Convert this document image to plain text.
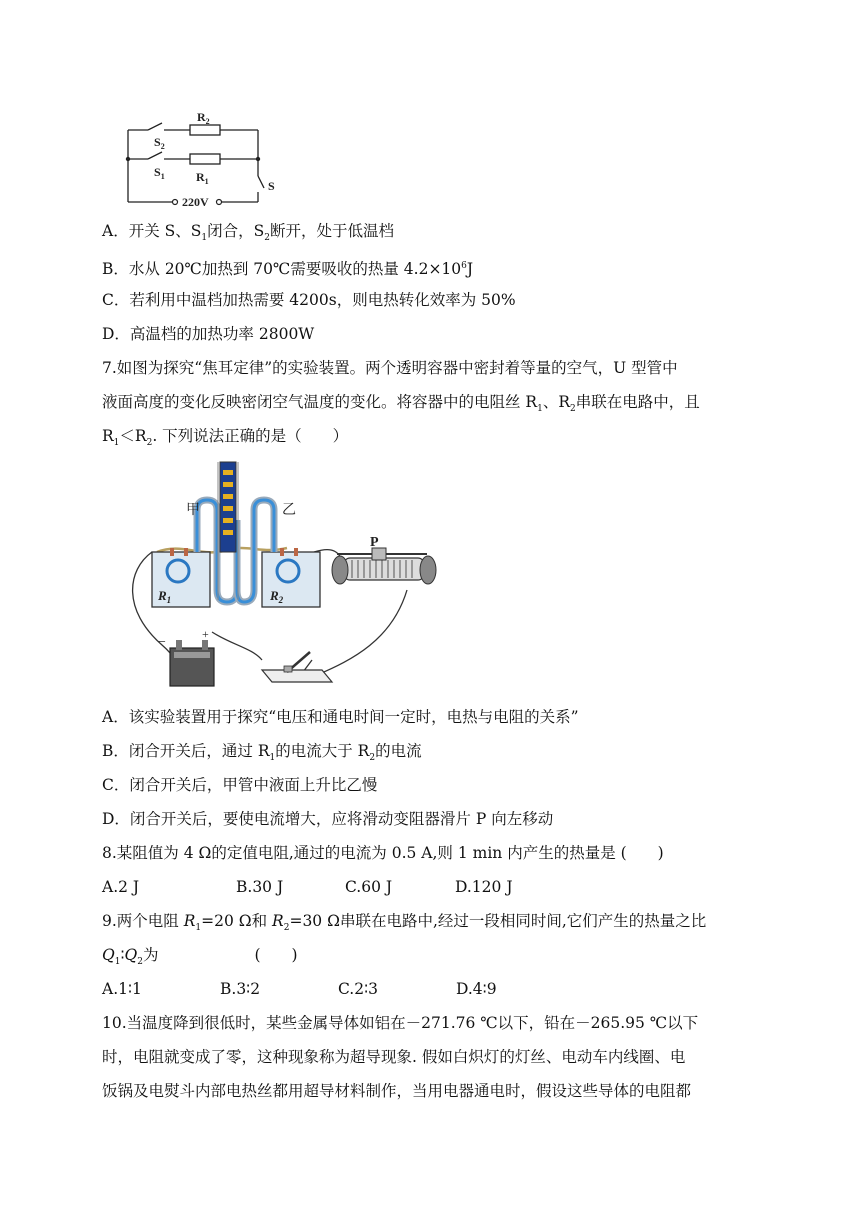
$R_2$
$S_2$
$S_1$	$R_1$	S
220V
A．开关 S、$S_1$闭合，$S_2$断开，处于低温档
B．水从 20℃加热到 70℃需要吸收的热量 $4.2\times 10^6J$
C．若利用中温档加热需要 4200s，则电热转化效率为 50%
D．高温档的加热功率 2800W
7.如图为探究“焦耳定律”的实验装置。两个透明容器中密封着等量的空气，U 型管中
液面高度的变化反映密闭空气温度的变化。将容器中的电阻丝 $R_1$、$R_2$串联在电路中，且
$R_1<R_2$. 下列说法正确的是（　　）
甲	乙
P
$R_1$	$R_2$
−
+
A．该实验装置用于探究“电压和通电时间一定时，电热与电阻的关系”
B．闭合开关后，通过 $R_1$的电流大于 $R_2$的电流
C．闭合开关后，甲管中液面上升比乙慢
D．闭合开关后，要使电流增大，应将滑动变阻器滑片 P 向左移动
8.某阻值为 4 Ω的定值电阻,通过的电流为 0.5 A,则 1 min 内产生的热量是 (　　)
A.2 J	B.30 J	C.60 J	D.120 J
9.两个电阻 $R_1=20$ Ω和 $R_2=30$ Ω串联在电路中,经过一段相同时间,它们产生的热量之比
$Q_1∶Q_2$为	(　　)
A.1∶1	B.3∶2	C.2∶3	D.4∶9
10.当温度降到很低时，某些金属导体如铝在－271.76 ℃以下，铅在－265.95 ℃以下
时，电阻就变成了零，这种现象称为超导现象. 假如白炽灯的灯丝、电动车内线圈、电
饭锅及电熨斗内部电热丝都用超导材料制作，当用电器通电时，假设这些导体的电阻都
